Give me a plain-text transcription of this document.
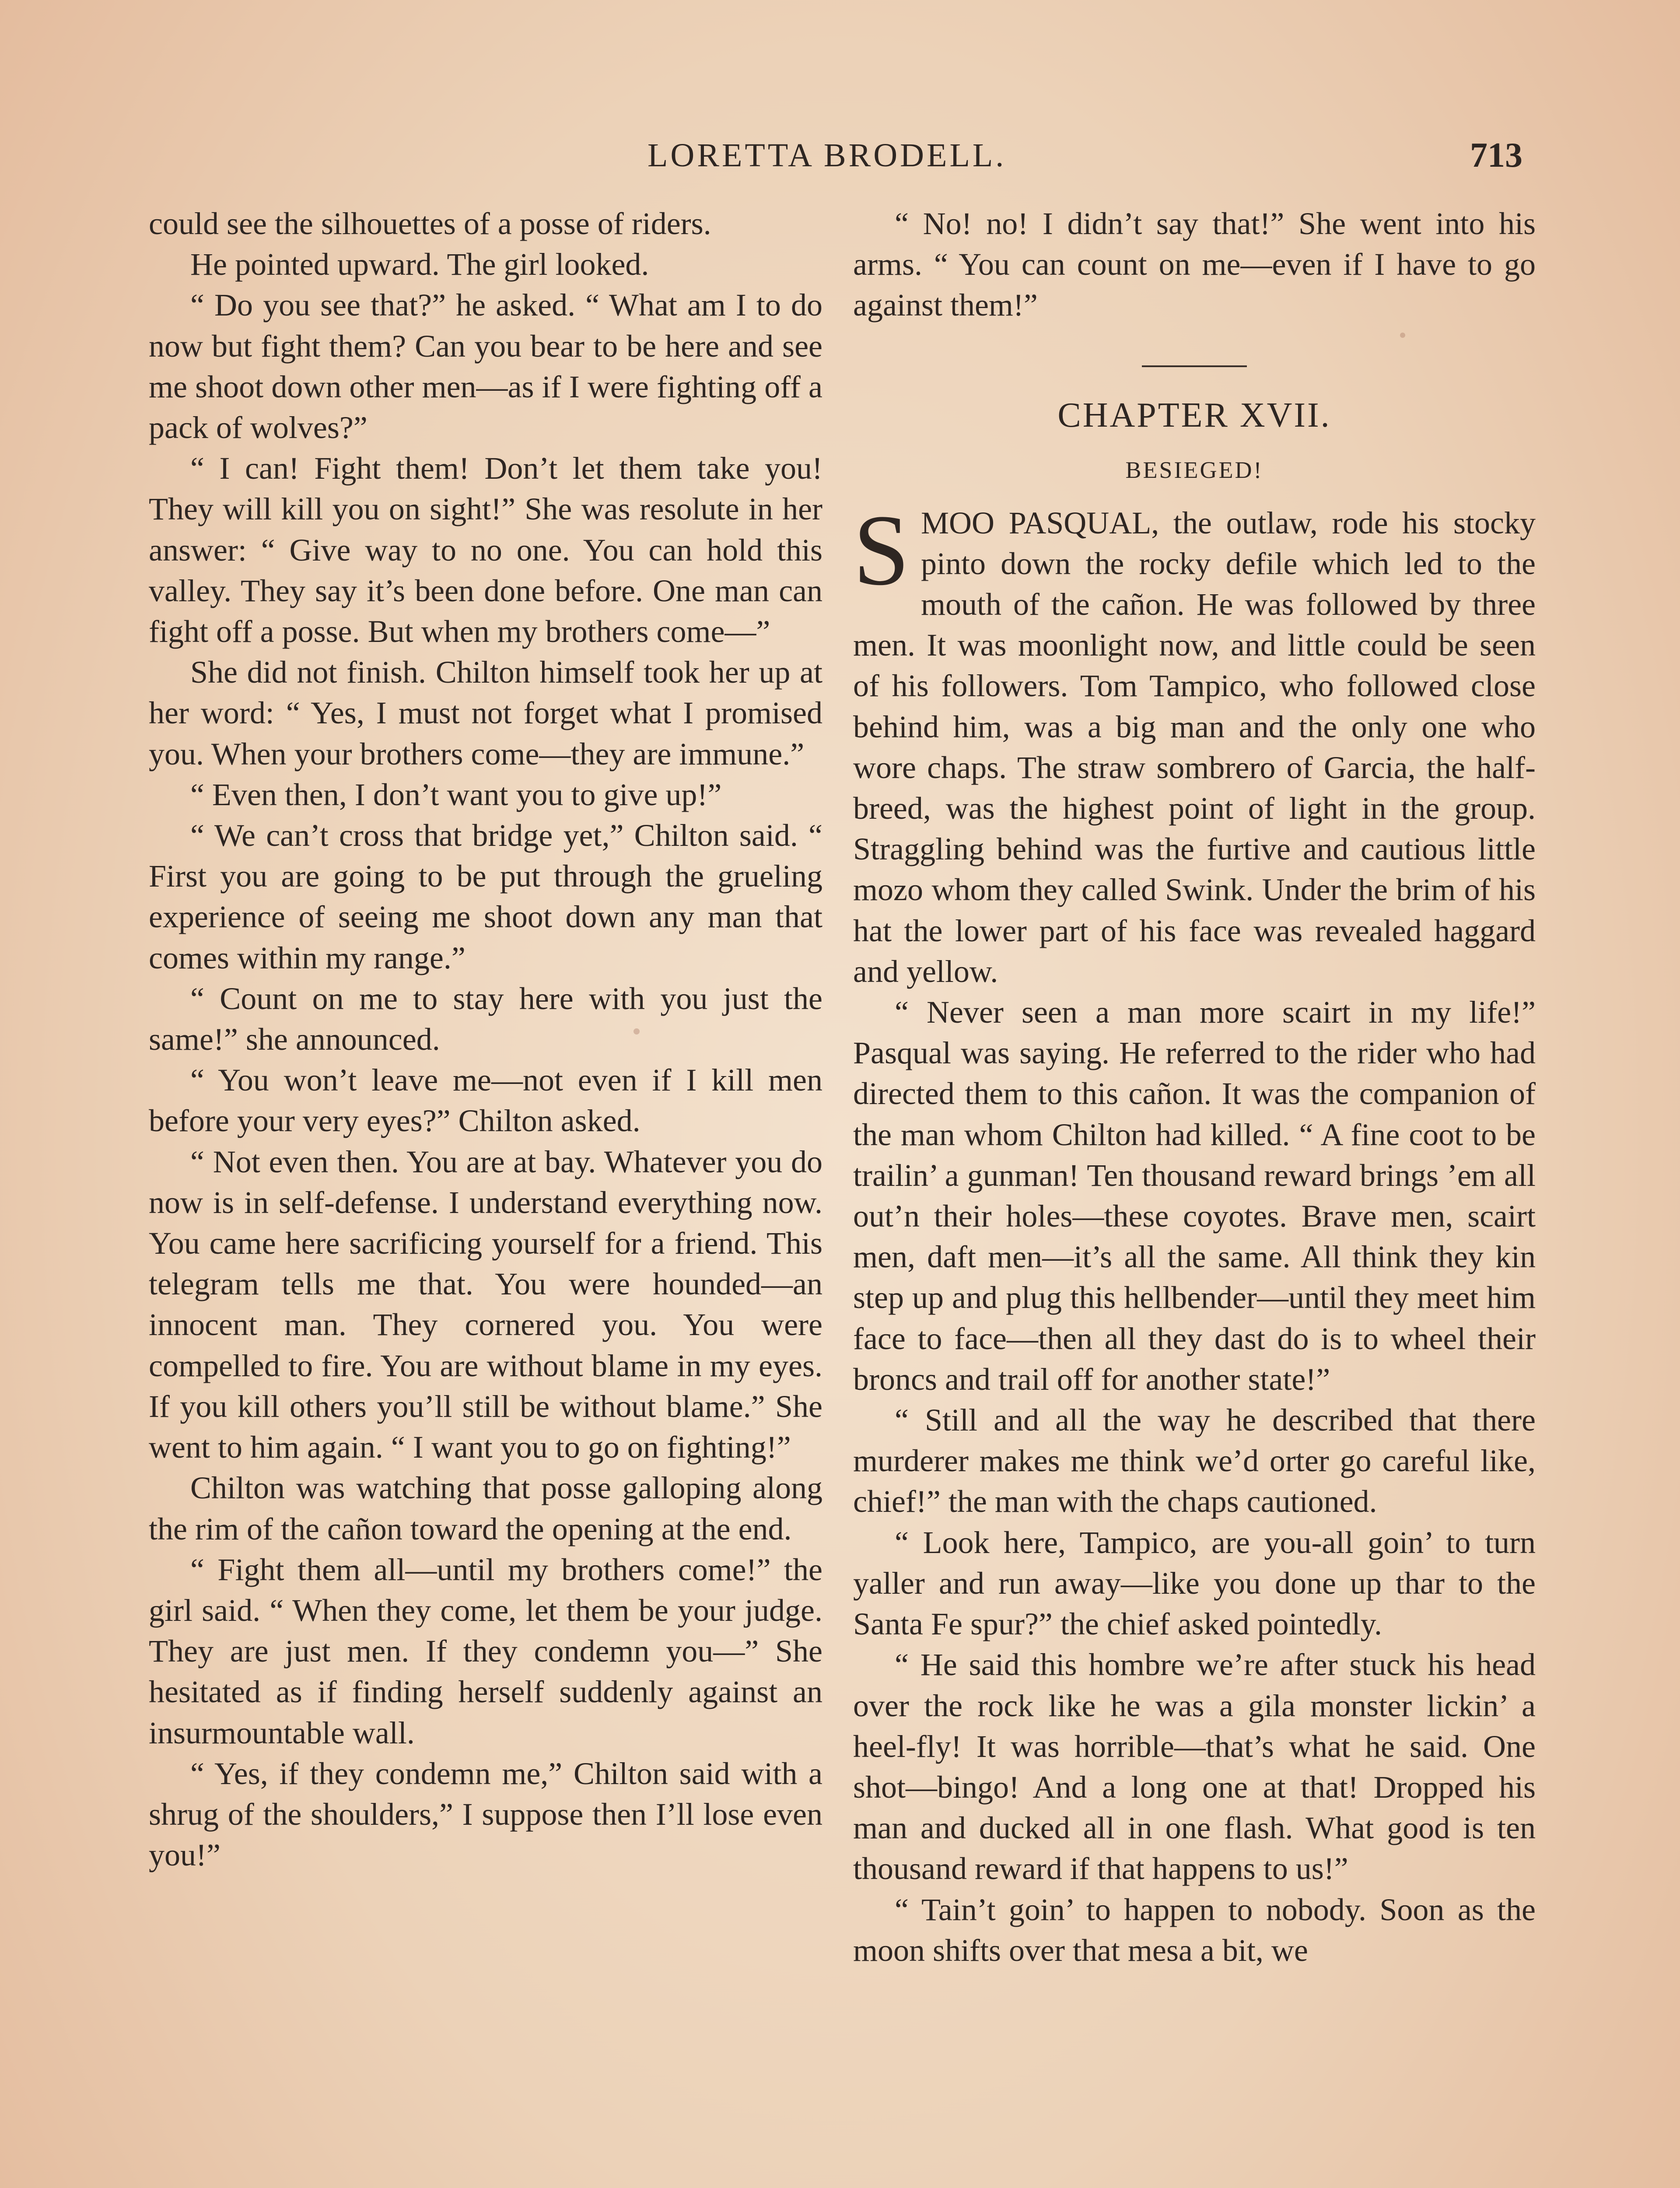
LORETTA BRODELL.	713

could see the silhouettes of a posse of riders.

He pointed upward. The girl looked.

“ Do you see that?” he asked. “ What am I to do now but fight them? Can you bear to be here and see me shoot down other men—as if I were fighting off a pack of wolves?”

“ I can! Fight them! Don’t let them take you! They will kill you on sight!” She was resolute in her answer: “ Give way to no one. You can hold this valley. They say it’s been done before. One man can fight off a posse. But when my brothers come—”

She did not finish. Chilton himself took her up at her word: “ Yes, I must not forget what I promised you. When your brothers come—they are immune.”

“ Even then, I don’t want you to give up!”

“ We can’t cross that bridge yet,” Chilton said. “ First you are going to be put through the grueling experience of seeing me shoot down any man that comes within my range.”

“ Count on me to stay here with you just the same!” she announced.

“ You won’t leave me—not even if I kill men before your very eyes?” Chilton asked.

“ Not even then. You are at bay. Whatever you do now is in self-defense. I understand everything now. You came here sacrificing yourself for a friend. This telegram tells me that. You were hounded—an innocent man. They cornered you. You were compelled to fire. You are without blame in my eyes. If you kill others you’ll still be without blame.” She went to him again. “ I want you to go on fighting!”

Chilton was watching that posse galloping along the rim of the cañon toward the opening at the end.

“ Fight them all—until my brothers come!” the girl said. “ When they come, let them be your judge. They are just men. If they condemn you—” She hesitated as if finding herself suddenly against an insurmountable wall.

“ Yes, if they condemn me,” Chilton said with a shrug of the shoulders,” I suppose then I’ll lose even you!”

“ No! no! I didn’t say that!” She went into his arms. “ You can count on me—even if I have to go against them!”

CHAPTER XVII.
BESIEGED!

SMOO PASQUAL, the outlaw, rode his stocky pinto down the rocky defile which led to the mouth of the cañon. He was followed by three men. It was moonlight now, and little could be seen of his followers. Tom Tampico, who followed close behind him, was a big man and the only one who wore chaps. The straw sombrero of Garcia, the half-breed, was the highest point of light in the group. Straggling behind was the furtive and cautious little mozo whom they called Swink. Under the brim of his hat the lower part of his face was revealed haggard and yellow.

“ Never seen a man more scairt in my life!” Pasqual was saying. He referred to the rider who had directed them to this cañon. It was the companion of the man whom Chilton had killed. “ A fine coot to be trailin’ a gunman! Ten thousand reward brings ’em all out’n their holes—these coyotes. Brave men, scairt men, daft men—it’s all the same. All think they kin step up and plug this hellbender—until they meet him face to face—then all they dast do is to wheel their broncs and trail off for another state!”

“ Still and all the way he described that there murderer makes me think we’d orter go careful like, chief!” the man with the chaps cautioned.

“ Look here, Tampico, are you-all goin’ to turn yaller and run away—like you done up thar to the Santa Fe spur?” the chief asked pointedly.

“ He said this hombre we’re after stuck his head over the rock like he was a gila monster lickin’ a heel-fly! It was horrible—that’s what he said. One shot—bingo! And a long one at that! Dropped his man and ducked all in one flash. What good is ten thousand reward if that happens to us!”

“ Tain’t goin’ to happen to nobody. Soon as the moon shifts over that mesa a bit, we
